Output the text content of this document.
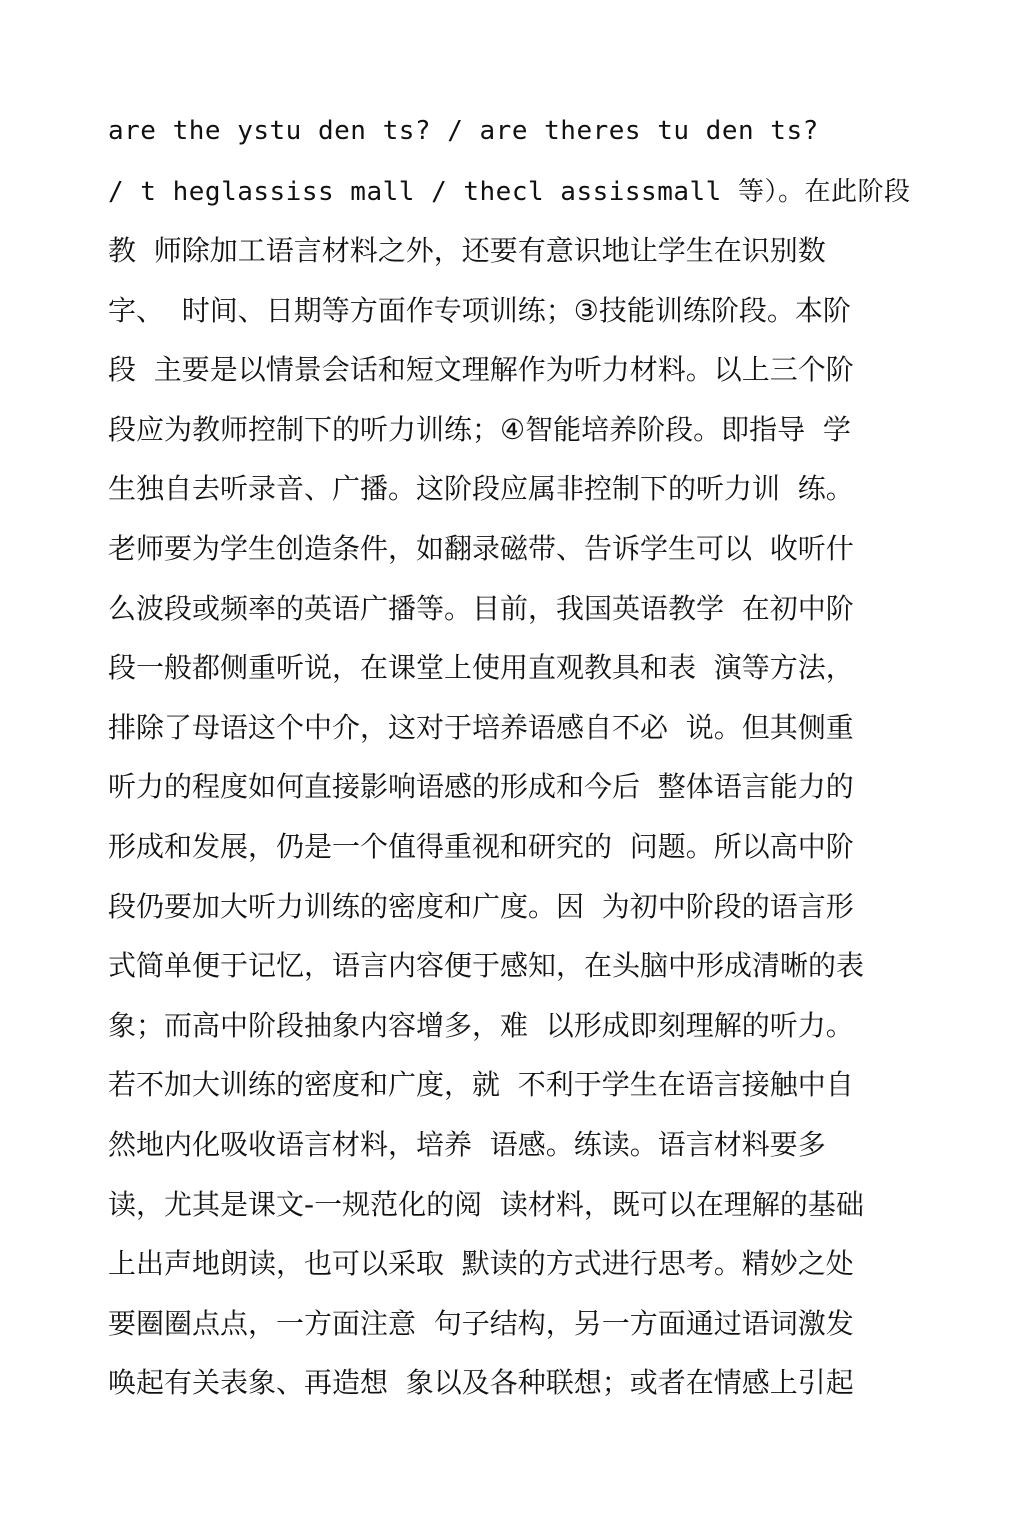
are the ystu den ts? / are theres tu den ts?
/ t heglassiss mall / thecl assissmall 等）。在此阶段
教  师除加工语言材料之外，还要有意识地让学生在识别数
字、  时间、日期等方面作专项训练；③技能训练阶段。本阶
段  主要是以情景会话和短文理解作为听力材料。以上三个阶
段应为教师控制下的听力训练；④智能培养阶段。即指导  学
生独自去听录音、广播。这阶段应属非控制下的听力训  练。
老师要为学生创造条件，如翻录磁带、告诉学生可以  收听什
么波段或频率的英语广播等。目前，我国英语教学  在初中阶
段一般都侧重听说，在课堂上使用直观教具和表  演等方法，
排除了母语这个中介，这对于培养语感自不必  说。但其侧重
听力的程度如何直接影响语感的形成和今后  整体语言能力的
形成和发展，仍是一个值得重视和研究的  问题。所以高中阶
段仍要加大听力训练的密度和广度。因  为初中阶段的语言形
式简单便于记忆，语言内容便于感知，在头脑中形成清晰的表
象；而高中阶段抽象内容增多，难  以形成即刻理解的听力。
若不加大训练的密度和广度，就  不利于学生在语言接触中自
然地内化吸收语言材料，培养  语感。练读。语言材料要多
读，尤其是课文-一规范化的阅  读材料，既可以在理解的基础
上出声地朗读，也可以采取  默读的方式进行思考。精妙之处
要圈圈点点，一方面注意  句子结构，另一方面通过语词激发
唤起有关表象、再造想  象以及各种联想；或者在情感上引起
